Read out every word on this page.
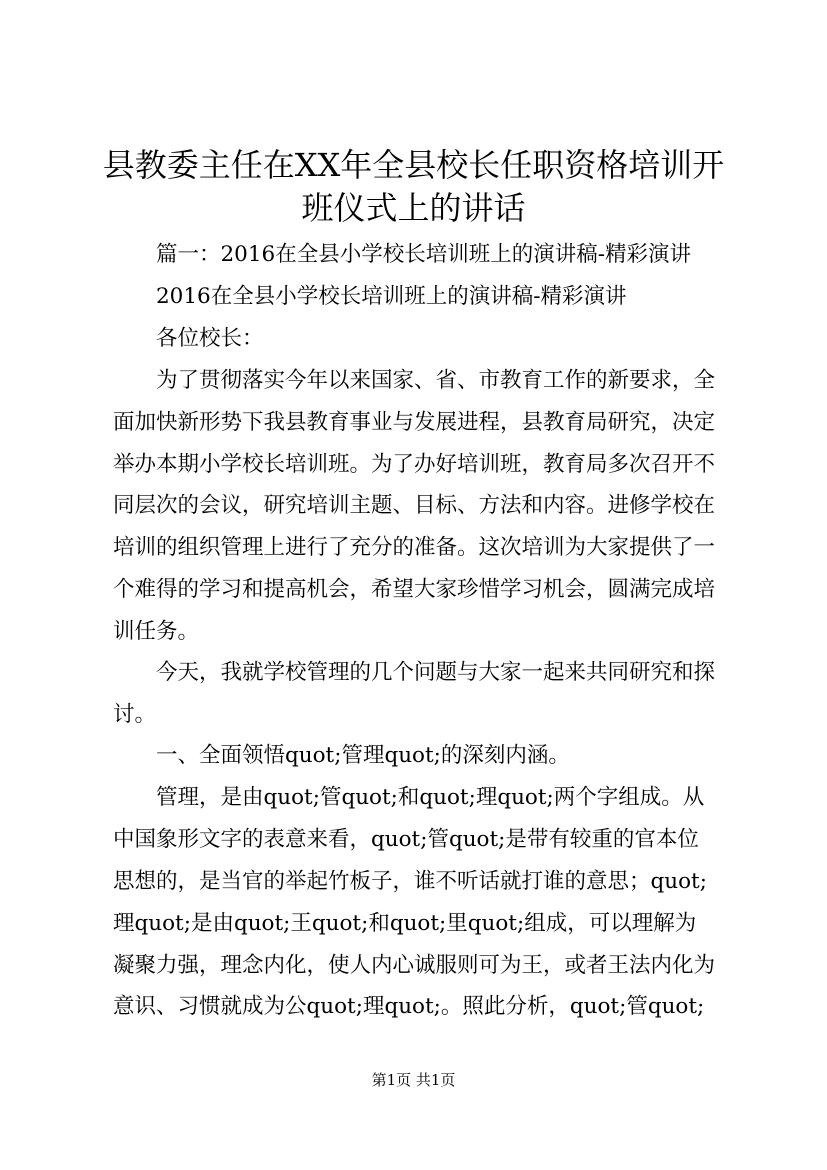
县教委主任在XX年全县校长任职资格培训开
班仪式上的讲话

篇一：2016在全县小学校长培训班上的演讲稿-精彩演讲

2016在全县小学校长培训班上的演讲稿-精彩演讲

各位校长：

为了贯彻落实今年以来国家、省、市教育工作的新要求，全

面加快新形势下我县教育事业与发展进程，县教育局研究，决定

举办本期小学校长培训班。为了办好培训班，教育局多次召开不

同层次的会议，研究培训主题、目标、方法和内容。进修学校在

培训的组织管理上进行了充分的准备。这次培训为大家提供了一

个难得的学习和提高机会，希望大家珍惜学习机会，圆满完成培

训任务。

今天，我就学校管理的几个问题与大家一起来共同研究和探

讨。

一、全面领悟quot;管理quot;的深刻内涵。

管理，是由quot;管quot;和quot;理quot;两个字组成。从

中国象形文字的表意来看，quot;管quot;是带有较重的官本位

思想的，是当官的举起竹板子，谁不听话就打谁的意思；quot;

理quot;是由quot;王quot;和quot;里quot;组成，可以理解为

凝聚力强，理念内化，使人内心诚服则可为王，或者王法内化为

意识、习惯就成为公quot;理quot;。照此分析，quot;管quot;

第1页 共1页
